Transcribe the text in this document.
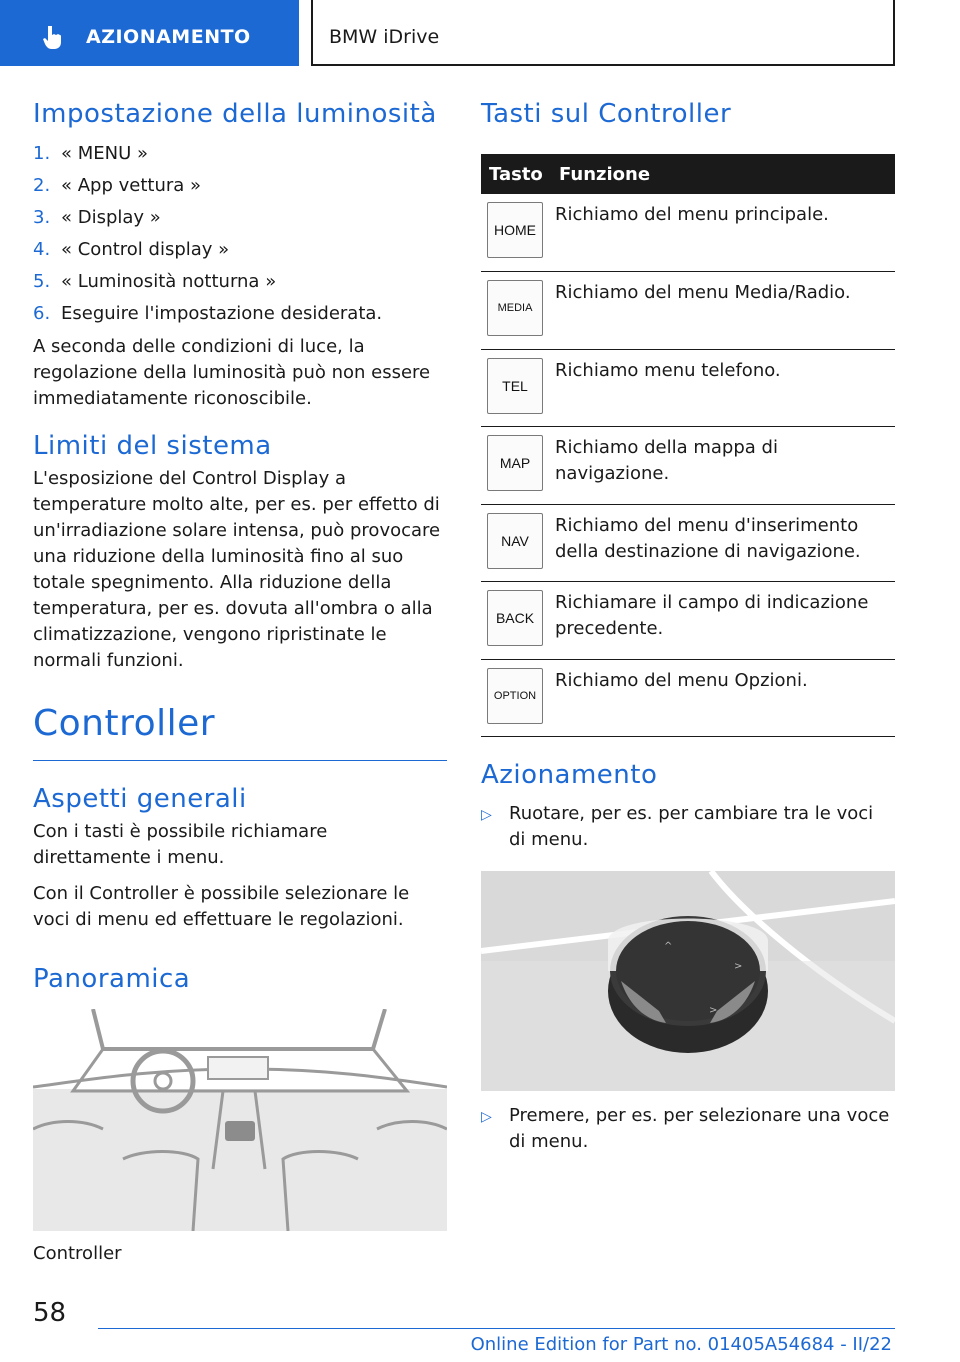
AZIONAMENTO	BMW iDrive
Impostazione della luminosità
1. « MENU »
2. « App vettura »
3. « Display »
4. « Control display »
5. « Luminosità notturna »
6. Eseguire l'impostazione desiderata.

A seconda delle condizioni di luce, la regolazione della luminosità può non essere immediatamente riconoscibile.

Limiti del sistema

L'esposizione del Control Display a temperature molto alte, per es. per effetto di un'irradiazione solare intensa, può provocare una riduzione della luminosità fino al suo totale spegnimento. Alla riduzione della temperatura, per es. dovuta all'ombra o alla climatizzazione, vengono ripristinate le normali funzioni.

Controller
Aspetti generali

Con i tasti è possibile richiamare direttamente i menu.

Con il Controller è possibile selezionare le voci di menu ed effettuare le regolazioni.

Panoramica
Controller
Tasti sul Controller
Tasto	Funzione

HOME	Richiamo del menu principale.

MEDIA	Richiamo del menu Media/Radio.

TEL	Richiamo menu telefono.

MAP	Richiamo della mappa di navigazione.

NAV	Richiamo del menu d'inserimento della destinazione di navigazione.

BACK	Richiamare il campo di indicazione precedente.

OPTION	Richiamo del menu Opzioni.
Azionamento
▷ Ruotare, per es. per cambiare tra le voci di menu.
^
>
>
▷ Premere, per es. per selezionare una voce di menu.
58
Online Edition for Part no. 01405A54684 - II/22
